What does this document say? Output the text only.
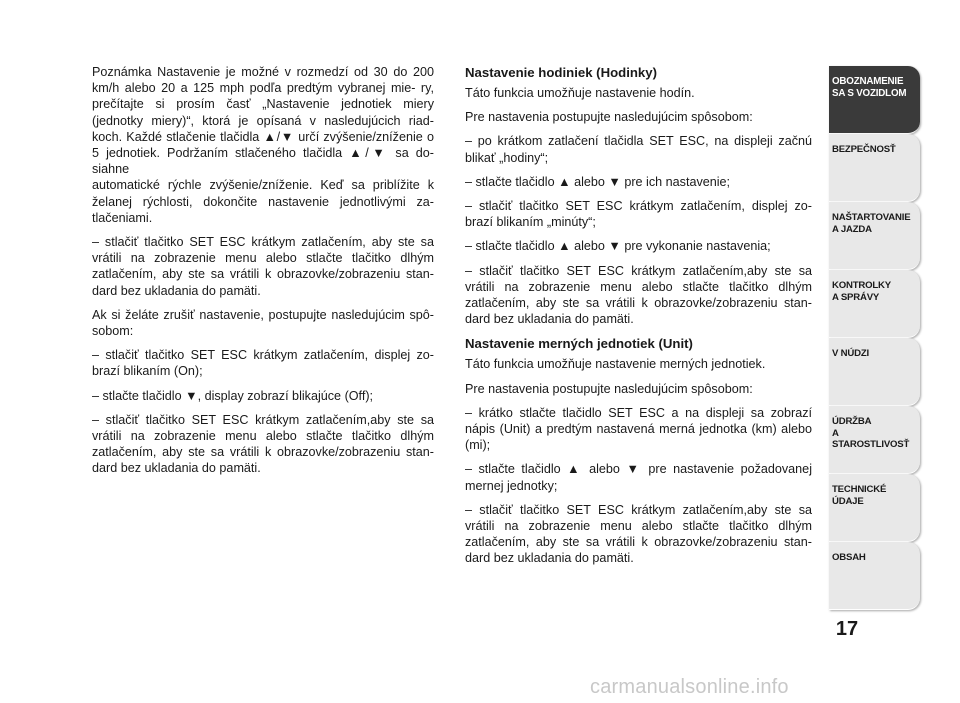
Poznámka Nastavenie je možné v rozmedzí od 30 do 200 km/h alebo 20 a 125 mph podľa predtým vybranej mie- ry, prečítajte si prosím časť „Nastavenie jednotiek miery (jednotky miery)“, ktorá je opísaná v nasledujúcich riad- koch. Každé stlačenie tlačidla ▲/▼ určí zvýšenie/zníženie o 5 jednotiek. Podržaním stlačeného tlačidla ▲/▼ sa do- siahne

automatické rýchle zvýšenie/zníženie. Keď sa priblížite k želanej rýchlosti, dokončite nastavenie jednotlivými za- tlačeniami.

– stlačiť tlačitko SET ESC krátkym zatlačením, aby ste sa vrátili na zobrazenie menu alebo stlačte tlačitko dlhým zatlačením, aby ste sa vrátili k obrazovke/zobrazeniu stan- dard bez ukladania do pamäti.

Ak si želáte zrušiť nastavenie, postupujte nasledujúcim spô- sobom:

– stlačiť tlačitko SET ESC krátkym zatlačením, displej zo- brazí blikaním (On);

– stlačte tlačidlo ▼, display zobrazí blikajúce (Off);

– stlačiť tlačitko SET ESC krátkym zatlačením,aby ste sa vrátili na zobrazenie menu alebo stlačte tlačitko dlhým zatlačením, aby ste sa vrátili k obrazovke/zobrazeniu stan- dard bez ukladania do pamäti.

Nastavenie hodiniek (Hodinky)

Táto funkcia umožňuje nastavenie hodín.

Pre nastavenia postupujte nasledujúcim spôsobom:

– po krátkom zatlačení tlačidla SET ESC, na displeji začnú blikať „hodiny“;

– stlačte tlačidlo ▲ alebo ▼ pre ich nastavenie;

– stlačiť tlačitko SET ESC krátkym zatlačením, displej zo- brazí blikaním „minúty“;

– stlačte tlačidlo ▲ alebo ▼ pre vykonanie nastavenia;

– stlačiť tlačitko SET ESC krátkym zatlačením,aby ste sa vrátili na zobrazenie menu alebo stlačte tlačitko dlhým zatlačením, aby ste sa vrátili k obrazovke/zobrazeniu stan- dard bez ukladania do pamäti.

Nastavenie merných jednotiek (Unit)

Táto funkcia umožňuje nastavenie merných jednotiek.

Pre nastavenia postupujte nasledujúcim spôsobom:

– krátko stlačte tlačidlo SET ESC a na displeji sa zobrazí nápis (Unit) a predtým nastavená merná jednotka (km) alebo (mi);

– stlačte tlačidlo ▲ alebo ▼ pre nastavenie požadovanej mernej jednotky;

– stlačiť tlačitko SET ESC krátkym zatlačením,aby ste sa vrátili na zobrazenie menu alebo stlačte tlačitko dlhým zatlačením, aby ste sa vrátili k obrazovke/zobrazeniu stan- dard bez ukladania do pamäti.

OBOZNAMENIE
SA S VOZIDLOM
BEZPEČNOSŤ
NAŠTARTOVANIE
A JAZDA
KONTROLKY
A SPRÁVY
V NÚDZI
ÚDRŽBA
A STAROSTLIVOSŤ
TECHNICKÉ
ÚDAJE
OBSAH
17
carmanualsonline.info
